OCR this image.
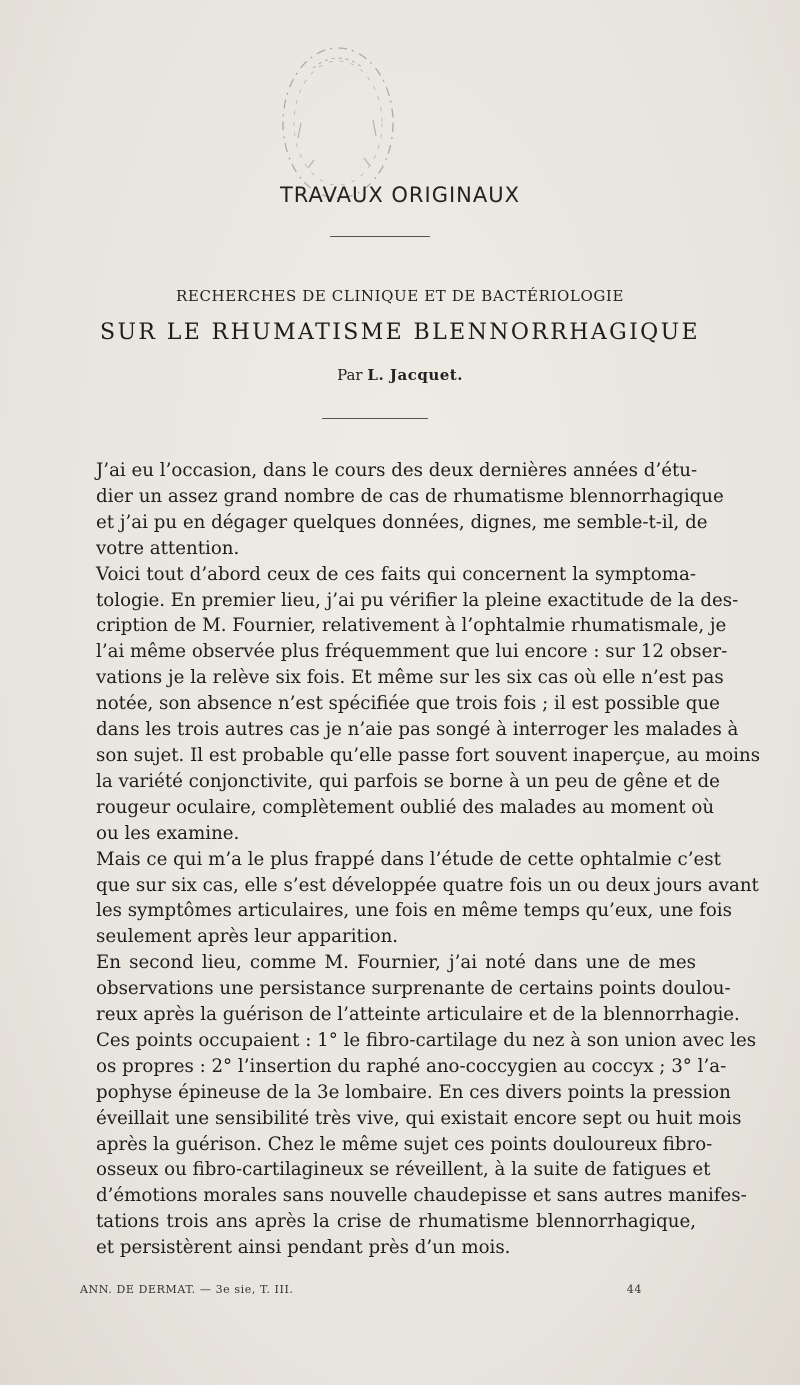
TRAVAUX ORIGINAUX
RECHERCHES DE CLINIQUE ET DE BACTÉRIOLOGIE
SUR LE RHUMATISME BLENNORRHAGIQUE
Par L. Jacquet.

J’ai eu l’occasion, dans le cours des deux dernières années d’étu-
dier un assez grand nombre de cas de rhumatisme blennorrhagique
et j’ai pu en dégager quelques données, dignes, me semble-t-il, de
votre attention.

Voici tout d’abord ceux de ces faits qui concernent la symptoma-
tologie. En premier lieu, j’ai pu vérifier la pleine exactitude de la des-
cription de M. Fournier, relativement à l’ophtalmie rhumatismale, je
l’ai même observée plus fréquemment que lui encore : sur 12 obser-
vations je la relève six fois. Et même sur les six cas où elle n’est pas
notée, son absence n’est spécifiée que trois fois ; il est possible que
dans les trois autres cas je n’aie pas songé à interroger les malades à
son sujet. Il est probable qu’elle passe fort souvent inaperçue, au moins
la variété conjonctivite, qui parfois se borne à un peu de gêne et de
rougeur oculaire, complètement oublié des malades au moment où
ou les examine.

Mais ce qui m’a le plus frappé dans l’étude de cette ophtalmie c’est
que sur six cas, elle s’est développée quatre fois un ou deux jours avant
les symptômes articulaires, une fois en même temps qu’eux, une fois
seulement après leur apparition.

En second lieu, comme M. Fournier, j’ai noté dans une de mes
observations une persistance surprenante de certains points doulou-
reux après la guérison de l’atteinte articulaire et de la blennorrhagie.
Ces points occupaient : 1° le fibro-cartilage du nez à son union avec les
os propres : 2° l’insertion du raphé ano-coccygien au coccyx ; 3° l’a-
pophyse épineuse de la 3e lombaire. En ces divers points la pression
éveillait une sensibilité très vive, qui existait encore sept ou huit mois
après la guérison. Chez le même sujet ces points douloureux fibro-
osseux ou fibro-cartilagineux se réveillent, à la suite de fatigues et
d’émotions morales sans nouvelle chaudepisse et sans autres manifes-
tations trois ans après la crise de rhumatisme blennorrhagique,
et persistèrent ainsi pendant près d’un mois.

ANN. DE DERMAT. — 3e sie, T. III.	44
